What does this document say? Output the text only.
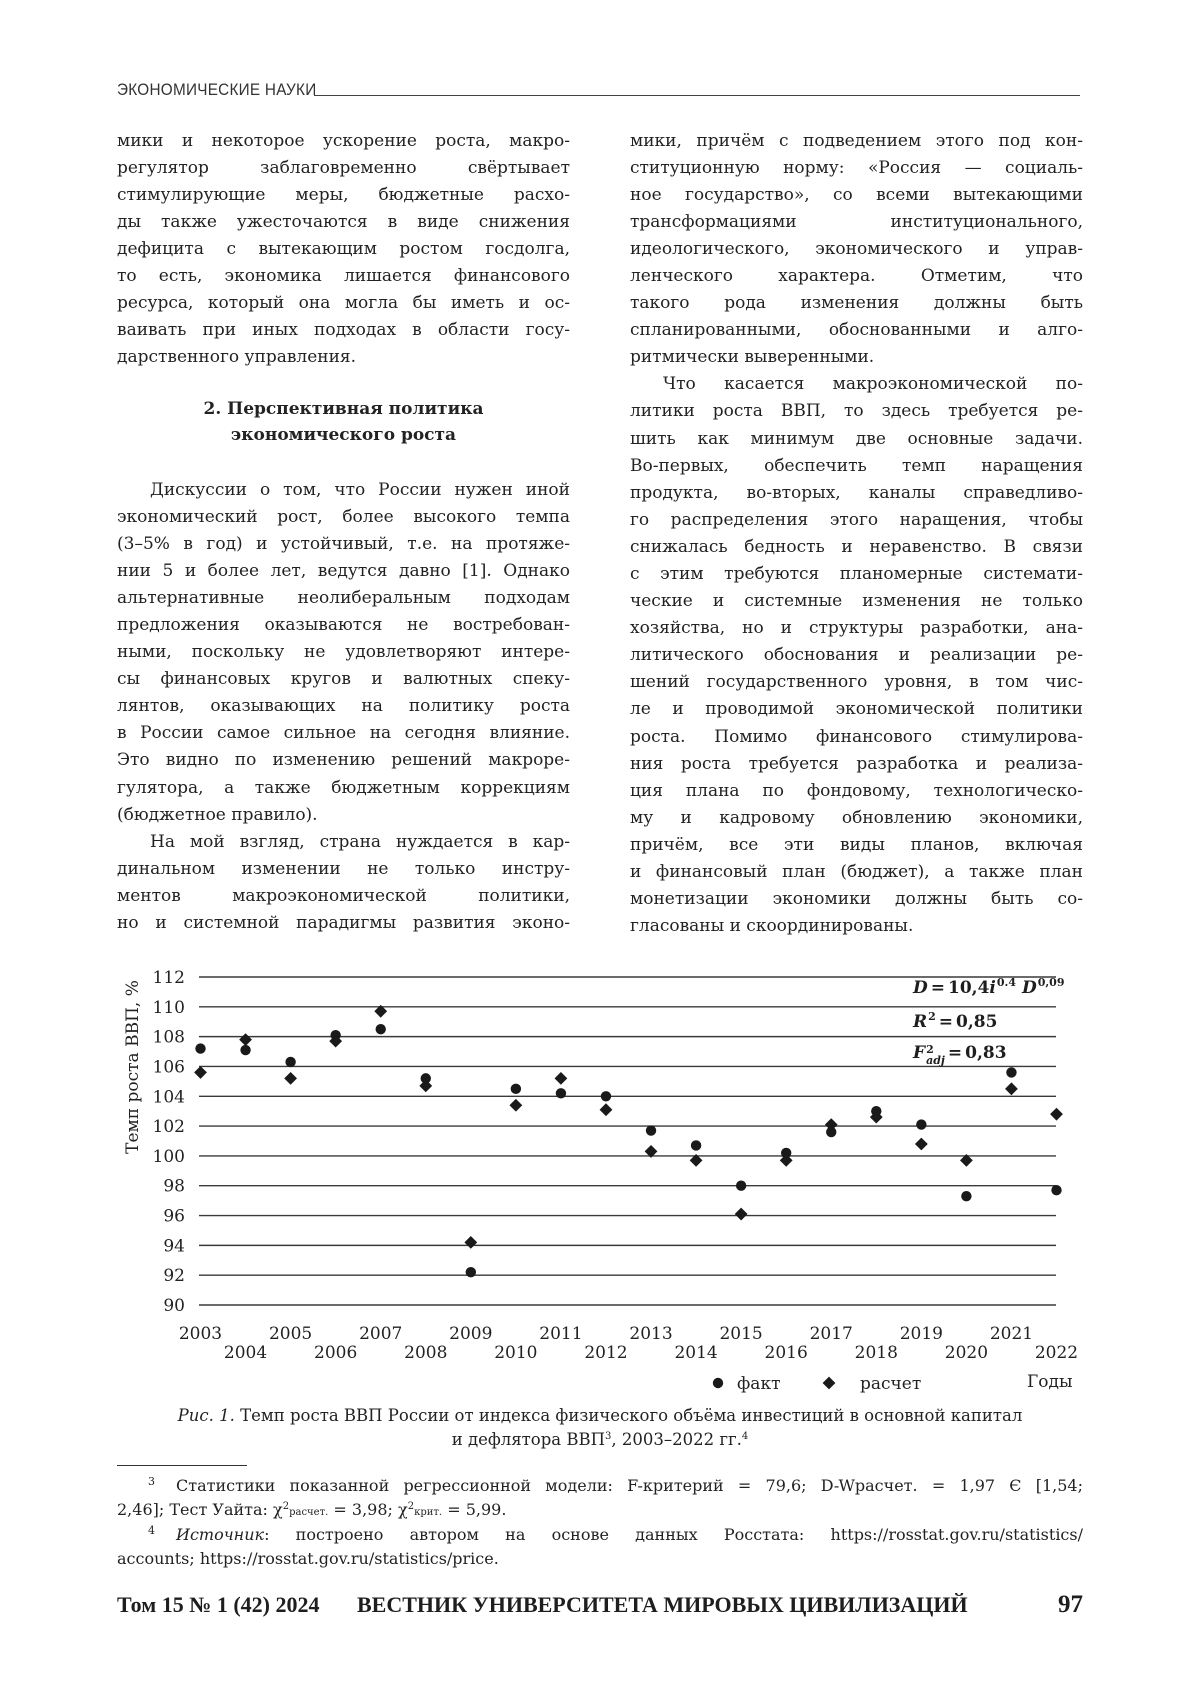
ЭКОНОМИЧЕСКИЕ НАУКИ
мики и некоторое ускорение роста, макро-
регулятор заблаговременно свёртывает
стимулирующие меры, бюджетные расхо-
ды также ужесточаются в виде снижения
дефицита с вытекающим ростом госдолга,
то есть, экономика лишается финансового
ресурса, который она могла бы иметь и ос-
ваивать при иных подходах в области госу-
дарственного управления.
2. Перспективная политика
экономического роста
Дискуссии о том, что России нужен иной
экономический рост, более высокого темпа
(3–5% в год) и устойчивый, т.е. на протяже-
нии 5 и более лет, ведутся давно [1]. Однако
альтернативные неолиберальным подходам
предложения оказываются не востребован-
ными, поскольку не удовлетворяют интере-
сы финансовых кругов и валютных спеку-
лянтов, оказывающих на политику роста
в России самое сильное на сегодня влияние.
Это видно по изменению решений макроре-
гулятора, а также бюджетным коррекциям
(бюджетное правило).
На мой взгляд, страна нуждается в кар-
динальном изменении не только инстру-
ментов макроэкономической политики,
но и системной парадигмы развития эконо-
мики, причём с подведением этого под кон-
ституционную норму: «Россия — социаль-
ное государство», со всеми вытекающими
трансформациями институционального,
идеологического, экономического и управ-
ленческого характера. Отметим, что
такого рода изменения должны быть
спланированными, обоснованными и алго-
ритмически выверенными.
Что касается макроэкономической по-
литики роста ВВП, то здесь требуется ре-
шить как минимум две основные задачи.
Во-первых, обеспечить темп наращения
продукта, во-вторых, каналы справедливо-
го распределения этого наращения, чтобы
снижалась бедность и неравенство. В связи
с этим требуются планомерные системати-
ческие и системные изменения не только
хозяйства, но и структуры разработки, ана-
литического обоснования и реализации ре-
шений государственного уровня, в том чис-
ле и проводимой экономической политики
роста. Помимо финансового стимулирова-
ния роста требуется разработка и реализа-
ция плана по фондовому, технологическо-
му и кадровому обновлению экономики,
причём, все эти виды планов, включая
и финансовый план (бюджет), а также план
монетизации экономики должны быть со-
гласованы и скоординированы.
90
92
94
96
98
100
102
104
106
108
110
112
2003
2004
2005
2006
2007
2008
2009
2010
2011
2012
2013
2014
2015
2016
2017
2018
2019
2020
2021
2022
факт	расчет	Годы
Темп роста ВВП, %	$D = 10,4i^{0.4}$ D$^{0,09}$
$R^2 = 0,85$
F 2
adj = 0,83
Рис. 1. Темп роста ВВП России от индекса физического объёма инвестиций в основной капитал
и дефлятора ВВП$^3$, 2003–2022 гг.$^4$
3 Статистики показанной регрессионной модели: F-критерий = 79,6; D-Wрасчет. = 1,97 Є [1,54;
2,46]; Тест Уайта: $\chi^2расчет$. = 3,98; $\chi^2крит$. = 5,99.
4 Источник: построено автором на основе данных Росстата: https://rosstat.gov.ru/statistics/
accounts; https://rosstat.gov.ru/statistics/price.
Том 15 № 1 (42) 2024 ВЕСТНИК УНИВЕРСИТЕТА МИРОВЫХ ЦИВИЛИЗАЦИЙ	97
